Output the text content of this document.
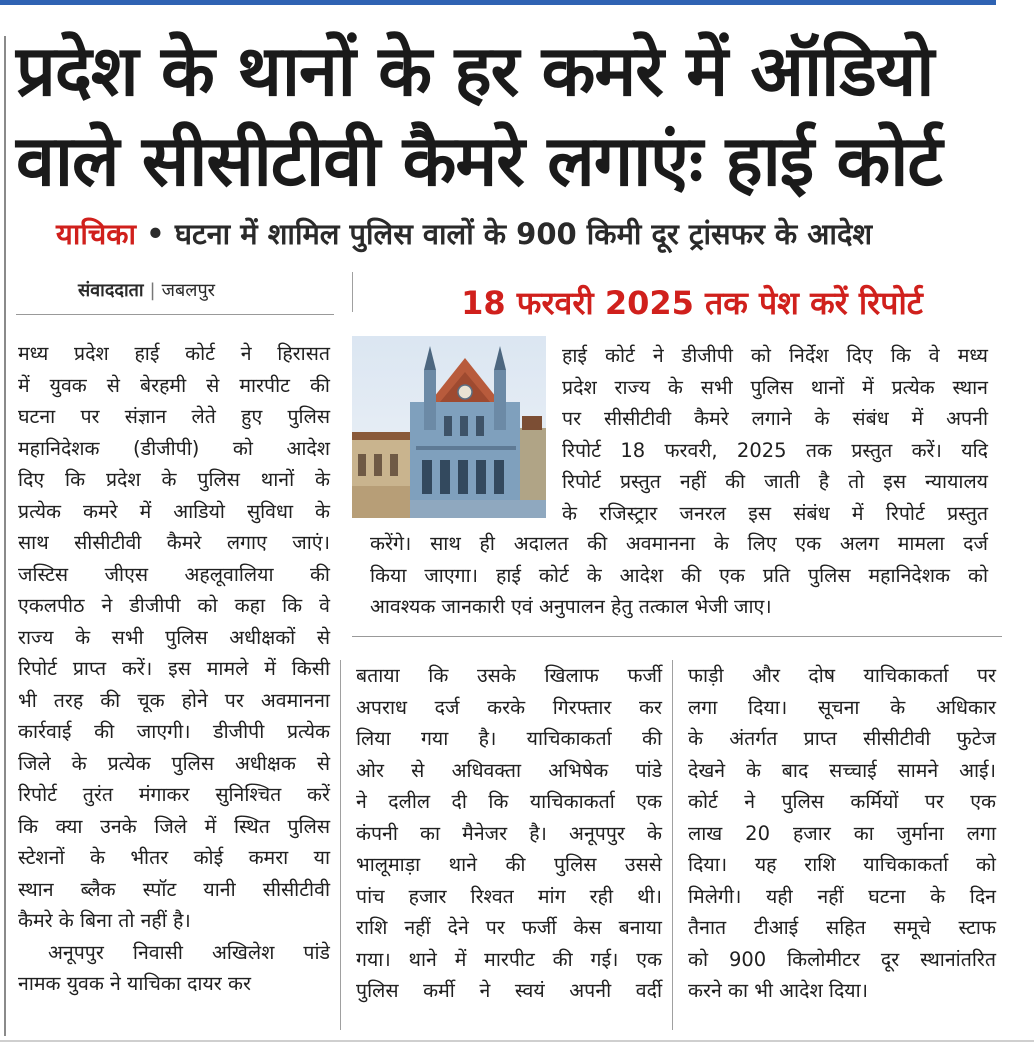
प्रदेश के थानों के हर कमरे में ऑडियो
वाले सीसीटीवी कैमरे लगाएंः हाई कोर्ट
याचिका • घटना में शामिल पुलिस वालों के 900 किमी दूर ट्रांसफर के आदेश
संवाददाता | जबलपुर
मध्य प्रदेश हाई कोर्ट ने हिरासत
में युवक से बेरहमी से मारपीट की
घटना पर संज्ञान लेते हुए पुलिस
महानिदेशक (डीजीपी) को आदेश
दिए कि प्रदेश के पुलिस थानों के
प्रत्येक कमरे में आडियो सुविधा के
साथ सीसीटीवी कैमरे लगाए जाएं।
जस्टिस जीएस अहलूवालिया की
एकलपीठ ने डीजीपी को कहा कि वे
राज्य के सभी पुलिस अधीक्षकों से
रिपोर्ट प्राप्त करें। इस मामले में किसी
भी तरह की चूक होने पर अवमानना
कार्रवाई की जाएगी। डीजीपी प्रत्येक
जिले के प्रत्येक पुलिस अधीक्षक से
रिपोर्ट तुरंत मंगाकर सुनिश्चित करें
कि क्या उनके जिले में स्थित पुलिस
स्टेशनों के भीतर कोई कमरा या
स्थान ब्लैक स्पॉट यानी सीसीटीवी
कैमरे के बिना तो नहीं है।
अनूपपुर निवासी अखिलेश पांडे
नामक युवक ने याचिका दायर कर
18 फरवरी 2025 तक पेश करें रिपोर्ट
हाई कोर्ट ने डीजीपी को निर्देश दिए कि वे मध्य
प्रदेश राज्य के सभी पुलिस थानों में प्रत्येक स्थान
पर सीसीटीवी कैमरे लगाने के संबंध में अपनी
रिपोर्ट 18 फरवरी, 2025 तक प्रस्तुत करें। यदि
रिपोर्ट प्रस्तुत नहीं की जाती है तो इस न्यायालय
के रजिस्ट्रार जनरल इस संबंध में रिपोर्ट प्रस्तुत
करेंगे। साथ ही अदालत की अवमानना के लिए एक अलग मामला दर्ज
किया जाएगा। हाई कोर्ट के आदेश की एक प्रति पुलिस महानिदेशक को
आवश्यक जानकारी एवं अनुपालन हेतु तत्काल भेजी जाए।
बताया कि उसके खिलाफ फर्जी
अपराध दर्ज करके गिरफ्तार कर
लिया गया है। याचिकाकर्ता की
ओर से अधिवक्ता अभिषेक पांडे
ने दलील दी कि याचिकाकर्ता एक
कंपनी का मैनेजर है। अनूपपुर के
भालूमाड़ा थाने की पुलिस उससे
पांच हजार रिश्वत मांग रही थी।
राशि नहीं देने पर फर्जी केस बनाया
गया। थाने में मारपीट की गई। एक
पुलिस कर्मी ने स्वयं अपनी वर्दी
फाड़ी और दोष याचिकाकर्ता पर
लगा दिया। सूचना के अधिकार
के अंतर्गत प्राप्त सीसीटीवी फुटेज
देखने के बाद सच्चाई सामने आई।
कोर्ट ने पुलिस कर्मियों पर एक
लाख 20 हजार का जुर्माना लगा
दिया। यह राशि याचिकाकर्ता को
मिलेगी। यही नहीं घटना के दिन
तैनात टीआई सहित समूचे स्टाफ
को 900 किलोमीटर दूर स्थानांतरित
करने का भी आदेश दिया।
